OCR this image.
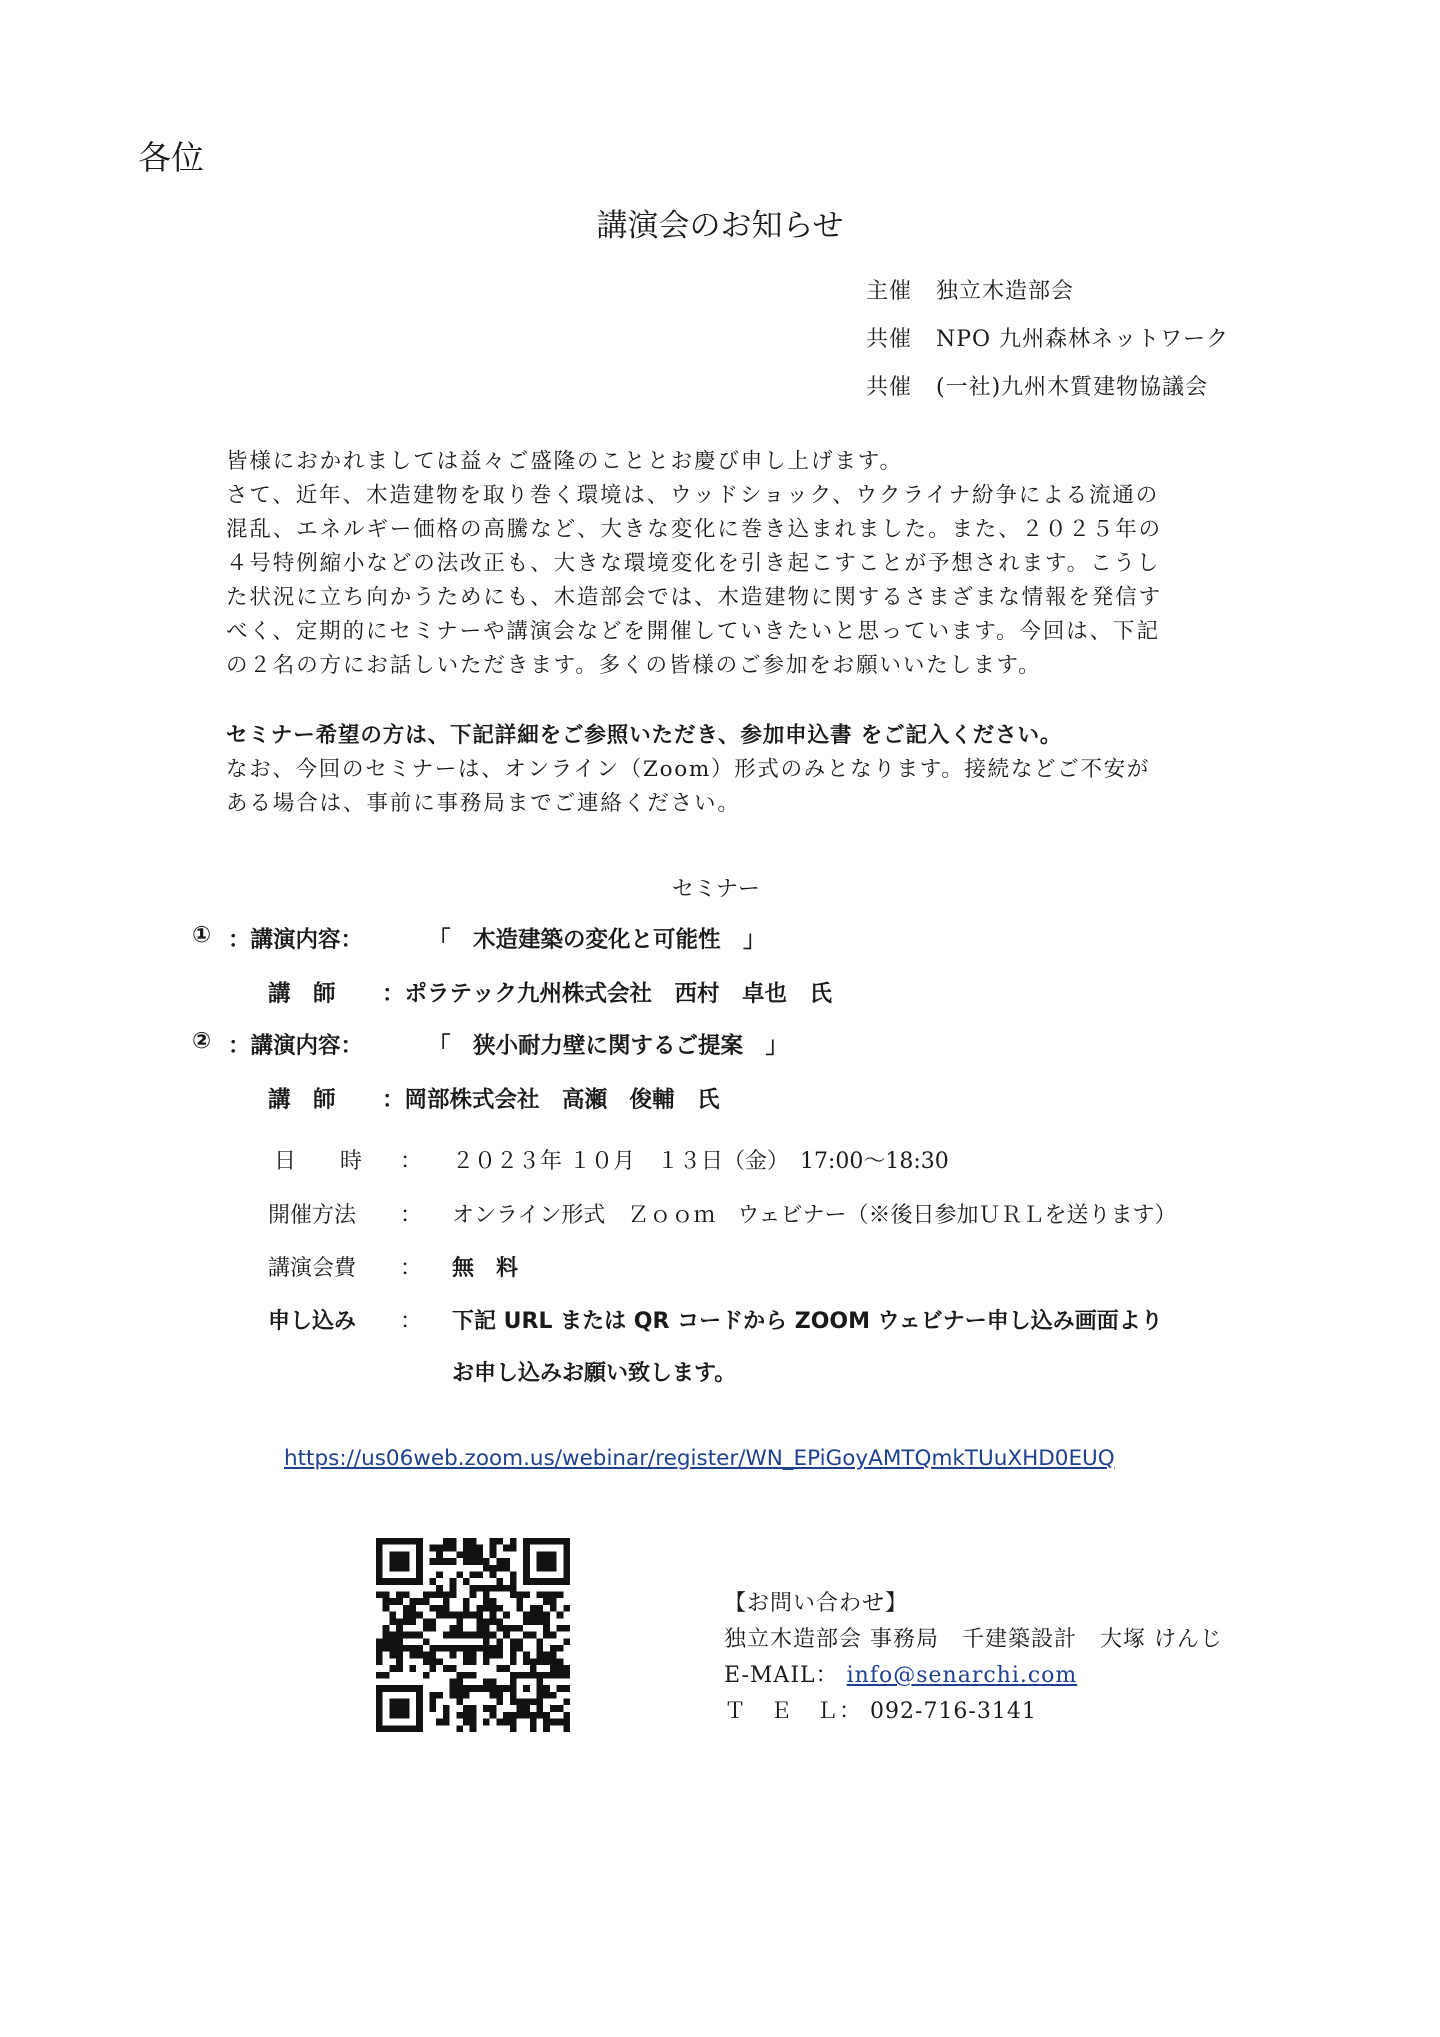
各位
講演会のお知らせ
主催 独立木造部会
共催 NPO 九州森林ネットワーク
共催 (一社)九州木質建物協議会
皆様におかれましては益々ご盛隆のこととお慶び申し上げます。
さて、近年、木造建物を取り巻く環境は、ウッドショック、ウクライナ紛争による流通の
混乱、エネルギー価格の高騰など、大きな変化に巻き込まれました。また、２０２５年の
４号特例縮小などの法改正も、大きな環境変化を引き起こすことが予想されます。こうし
た状況に立ち向かうためにも、木造部会では、木造建物に関するさまざまな情報を発信す
べく、定期的にセミナーや講演会などを開催していきたいと思っています。今回は、下記
の２名の方にお話しいただきます。多くの皆様のご参加をお願いいたします。
セミナー希望の方は、下記詳細をご参照いただき、参加申込書 をご記入ください。
なお、今回のセミナーは、オンライン（Zoom）形式のみとなります。接続などご不安が
ある場合は、事前に事務局までご連絡ください。
セミナー
① ：講演内容：	「　木造建築の変化と可能性　」
講　師 ：ポラテック九州株式会社　西村　卓也　氏
② ：講演内容：	「　狭小耐力壁に関するご提案　」
講　師 ：岡部株式会社　高瀬　俊輔　氏
日　　時 ： ２０２３年 １０月　１３日（金）　17:00～18:30
開催方法 ： オンライン形式　Ｚｏｏｍ　ウェビナー（※後日参加ＵＲＬを送ります）
講演会費 ： 無　料
申し込み ： 下記 URL または QR コードから ZOOM ウェビナー申し込み画面より
お申し込みお願い致します。
https://us06web.zoom.us/webinar/register/WN_EPiGoyAMTQmkTUuXHD0EUQ
【お問い合わせ】
独立木造部会 事務局　千建築設計　大塚 けんじ
E-MAIL： info@senarchi.com
Ｔ　Ｅ　Ｌ： 092-716-3141
